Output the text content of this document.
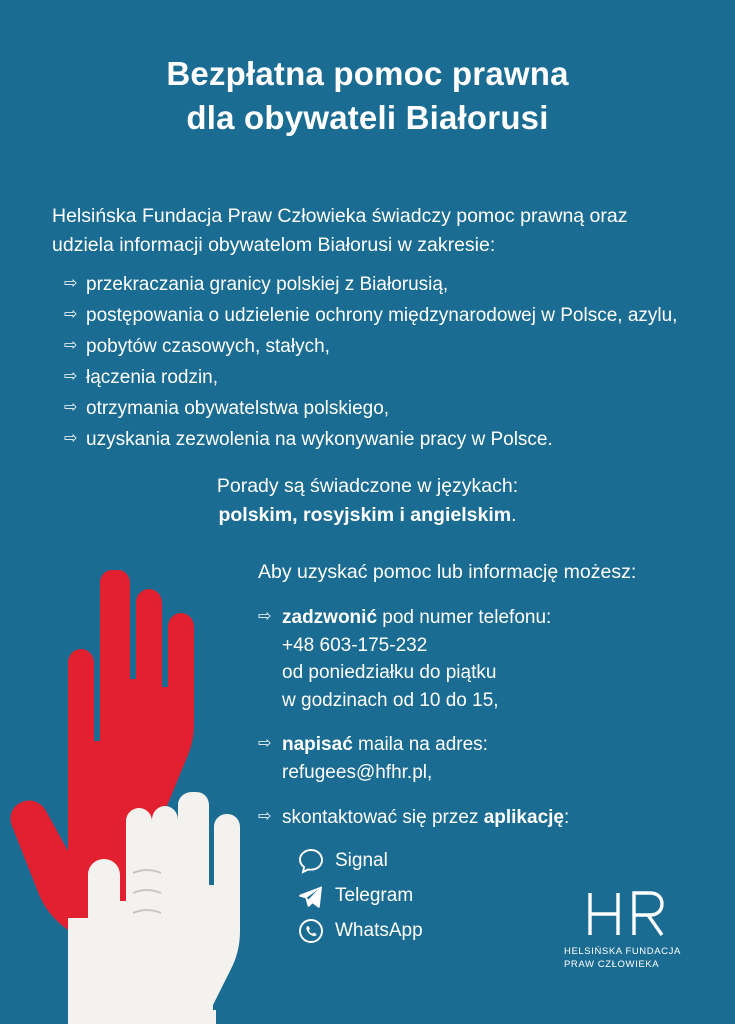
Bezpłatna pomoc prawna
dla obywateli Białorusi

Helsińska Fundacja Praw Człowieka świadczy pomoc prawną oraz udziela informacji obywatelom Białorusi w zakresie:

⇨ przekraczania granicy polskiej z Białorusią,
⇨ postępowania o udzielenie ochrony międzynarodowej w Polsce, azylu,
⇨ pobytów czasowych, stałych,
⇨ łączenia rodzin,
⇨ otrzymania obywatelstwa polskiego,
⇨ uzyskania zezwolenia na wykonywanie pracy w Polsce.
Porady są świadczone w językach:
polskim, rosyjskim i angielskim.
Aby uzyskać pomoc lub informację możesz:
⇨ zadzwonić pod numer telefonu:
+48 603-175-232
od poniedziałku do piątku
w godzinach od 10 do 15,
⇨ napisać maila na adres:
refugees@hfhr.pl,
⇨ skontaktować się przez aplikację:
Signal
Telegram
WhatsApp
HELSIŃSKA FUNDACJA
PRAW CZŁOWIEKA
